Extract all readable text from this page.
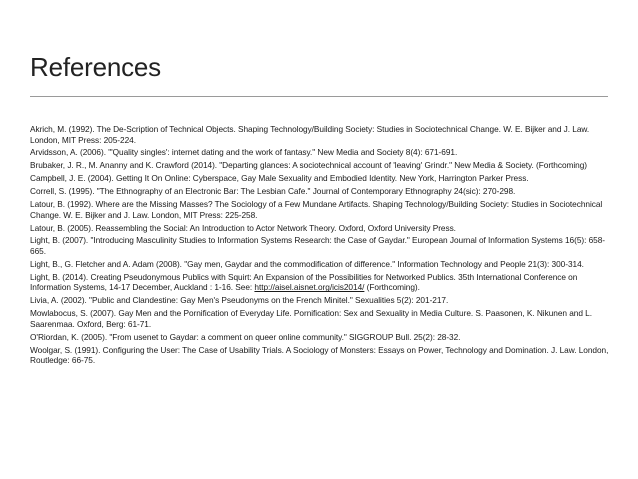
References
Akrich, M. (1992). The De-Scription of Technical Objects. Shaping Technology/Building Society: Studies in Sociotechnical Change. W. E. Bijker and J. Law. London, MIT Press: 205-224.
Arvidsson, A. (2006). "'Quality singles': internet dating and the work of fantasy." New Media and Society 8(4): 671-691.
Brubaker, J. R., M. Ananny and K. Crawford (2014). "Departing glances: A sociotechnical account of 'leaving' Grindr." New Media & Society. (Forthcoming)
Campbell, J. E. (2004). Getting It On Online: Cyberspace, Gay Male Sexuality and Embodied Identity. New York, Harrington Parker Press.
Correll, S. (1995). "The Ethnography of an Electronic Bar: The Lesbian Cafe." Journal of Contemporary Ethnography 24(sic): 270-298.
Latour, B. (1992). Where are the Missing Masses? The Sociology of a Few Mundane Artifacts. Shaping Technology/Building Society: Studies in Sociotechnical Change. W. E. Bijker and J. Law. London, MIT Press: 225-258.
Latour, B. (2005). Reassembling the Social: An Introduction to Actor Network Theory. Oxford, Oxford University Press.
Light, B. (2007). "Introducing Masculinity Studies to Information Systems Research: the Case of Gaydar." European Journal of Information Systems 16(5): 658-665.
Light, B., G. Fletcher and A. Adam (2008). "Gay men, Gaydar and the commodification of difference." Information Technology and People 21(3): 300-314.
Light, B. (2014). Creating Pseudonymous Publics with Squirt: An Expansion of the Possibilities for Networked Publics. 35th International Conference on Information Systems, 14-17 December, Auckland : 1-16. See: http://aisel.aisnet.org/icis2014/ (Forthcoming).
Livia, A. (2002). "Public and Clandestine: Gay Men's Pseudonyms on the French Minitel." Sexualities 5(2): 201-217.
Mowlabocus, S. (2007). Gay Men and the Pornification of Everyday Life. Pornification: Sex and Sexuality in Media Culture. S. Paasonen, K. Nikunen and L. Saarenmaa. Oxford, Berg: 61-71.
O'Riordan, K. (2005). "From usenet to Gaydar: a comment on queer online community." SIGGROUP Bull. 25(2): 28-32.
Woolgar, S. (1991). Configuring the User: The Case of Usability Trials. A Sociology of Monsters: Essays on Power, Technology and Domination. J. Law. London, Routledge: 66-75.
